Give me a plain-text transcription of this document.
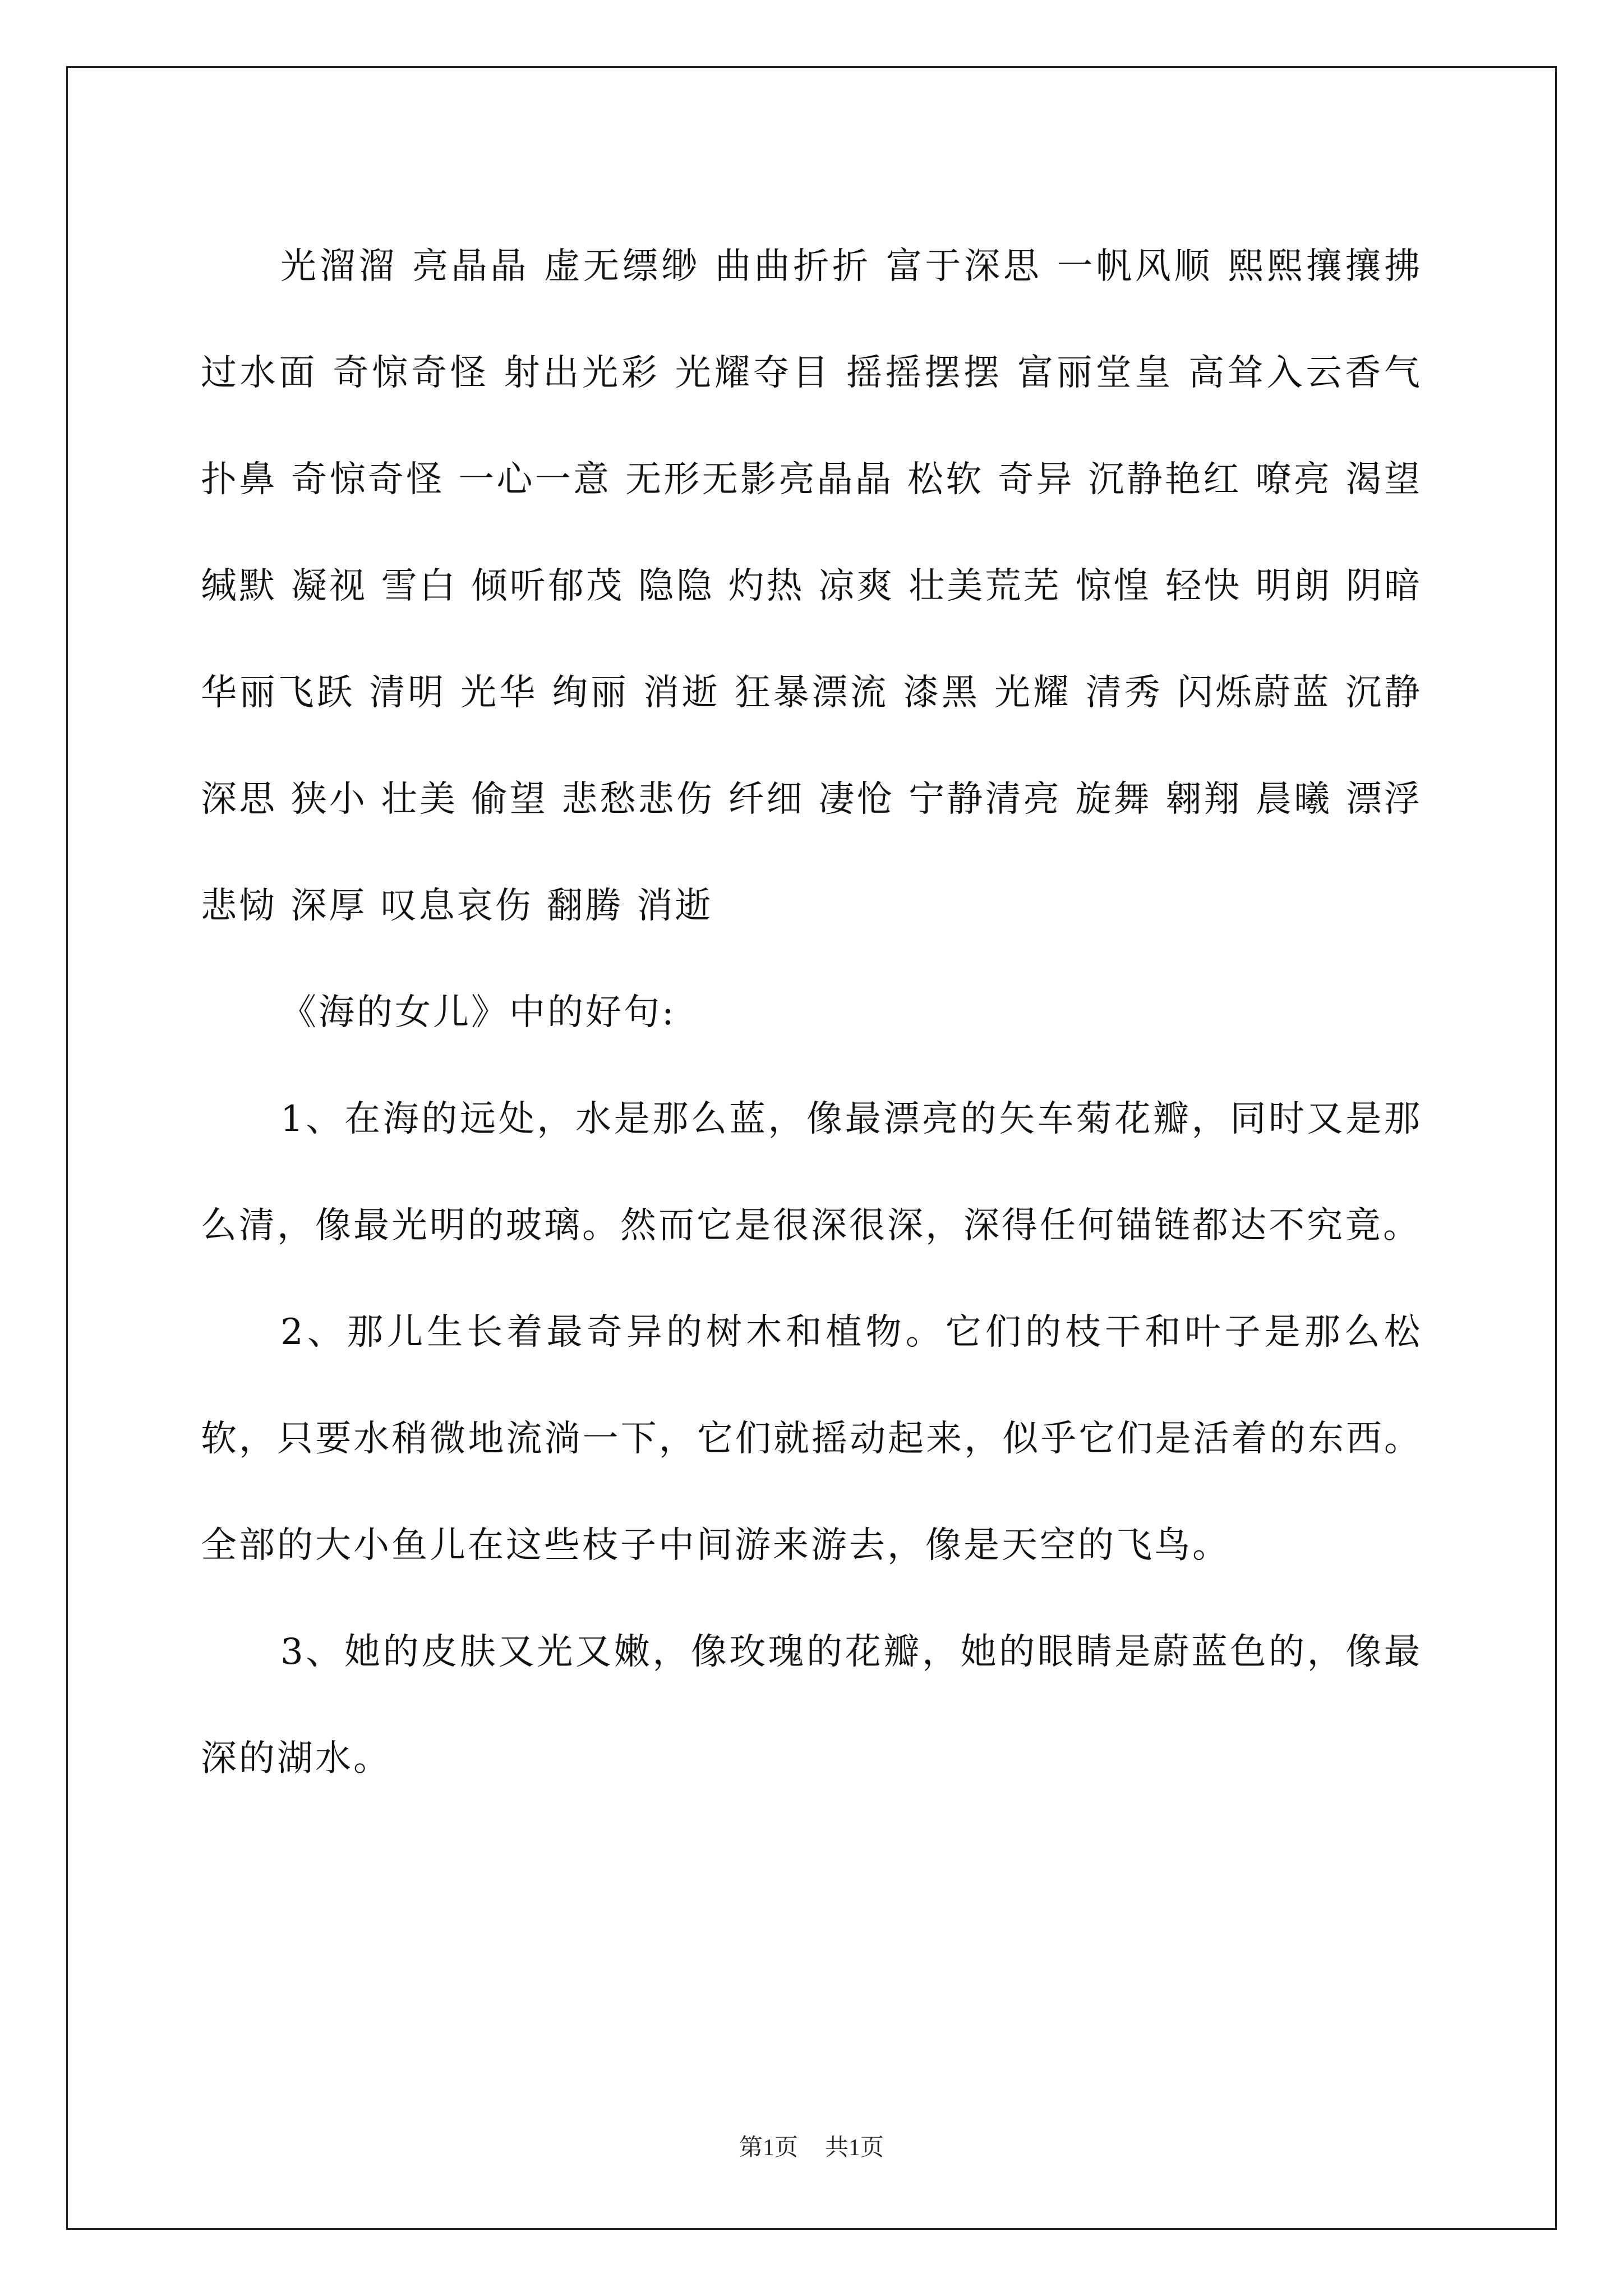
光溜溜 亮晶晶 虚无缥缈 曲曲折折 富于深思 一帆风顺 熙熙攘攘拂过水面 奇惊奇怪 射出光彩 光耀夺目 摇摇摆摆 富丽堂皇 高耸入云香气扑鼻 奇惊奇怪 一心一意 无形无影亮晶晶 松软 奇异 沉静艳红 嘹亮 渴望 缄默 凝视 雪白 倾听郁茂 隐隐 灼热 凉爽 壮美荒芜 惊惶 轻快 明朗 阴暗 华丽飞跃 清明 光华 绚丽 消逝 狂暴漂流 漆黑 光耀 清秀 闪烁蔚蓝 沉静 深思 狭小 壮美 偷望 悲愁悲伤 纤细 凄怆 宁静清亮 旋舞 翱翔 晨曦 漂浮 悲恸 深厚 叹息哀伤 翻腾 消逝

《海的女儿》中的好句:

1、在海的远处，水是那么蓝，像最漂亮的矢车菊花瓣，同时又是那么清，像最光明的玻璃。然而它是很深很深，深得任何锚链都达不究竟。

2、那儿生长着最奇异的树木和植物。它们的枝干和叶子是那么松软，只要水稍微地流淌一下，它们就摇动起来，似乎它们是活着的东西。全部的大小鱼儿在这些枝子中间游来游去，像是天空的飞鸟。

3、她的皮肤又光又嫩，像玫瑰的花瓣，她的眼睛是蔚蓝色的，像最深的湖水。

第1页 共1页
